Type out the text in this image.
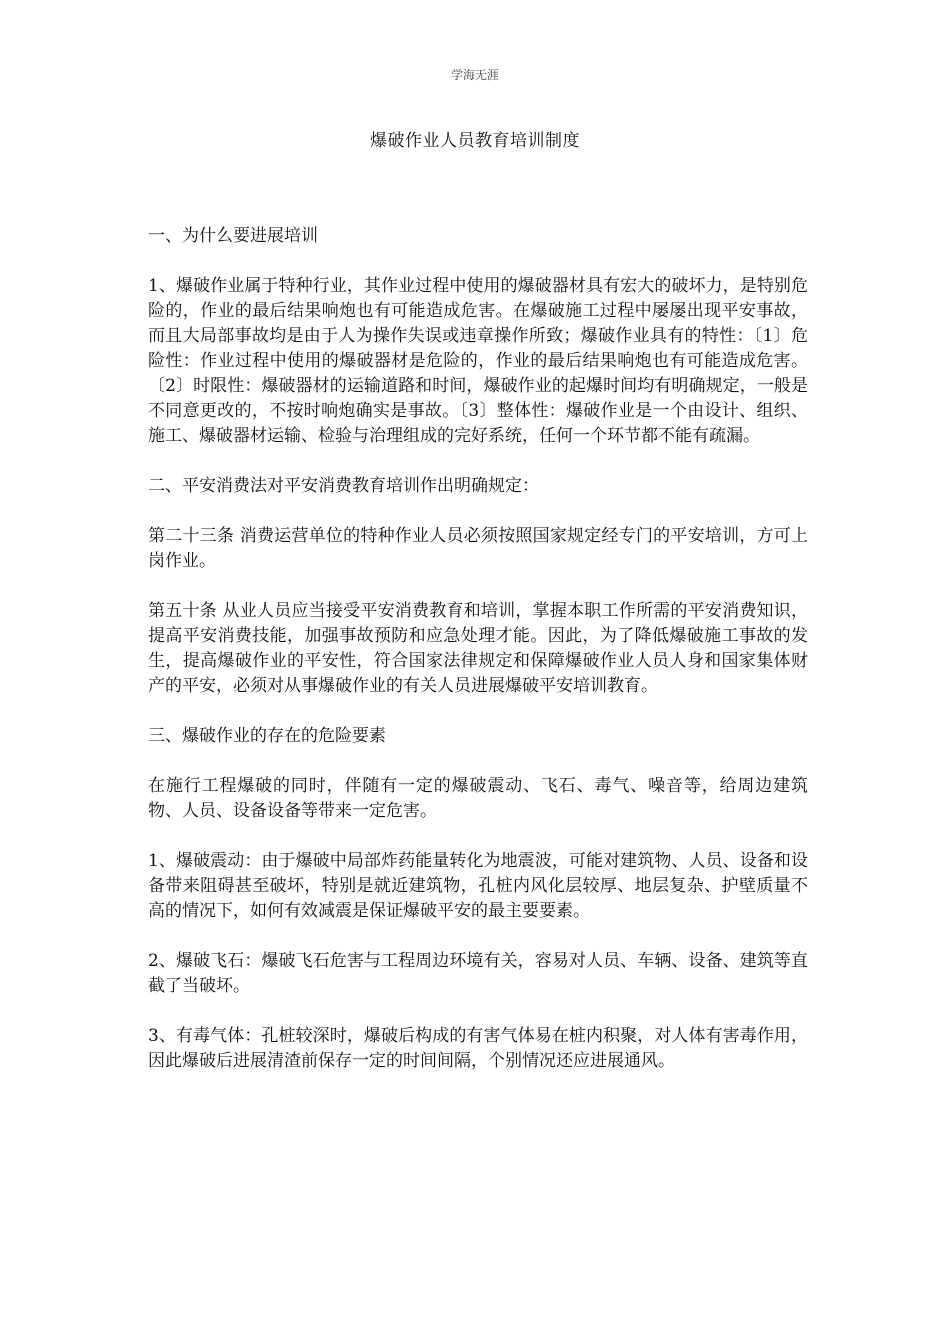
学海无涯
爆破作业人员教育培训制度

一、为什么要进展培训

1、爆破作业属于特种行业，其作业过程中使用的爆破器材具有宏大的破坏力，是特别危险的，作业的最后结果响炮也有可能造成危害。在爆破施工过程中屡屡出现平安事故，而且大局部事故均是由于人为操作失误或违章操作所致；爆破作业具有的特性：〔1〕危险性：作业过程中使用的爆破器材是危险的，作业的最后结果响炮也有可能造成危害。〔2〕时限性：爆破器材的运输道路和时间，爆破作业的起爆时间均有明确规定，一般是不同意更改的，不按时响炮确实是事故。〔3〕整体性：爆破作业是一个由设计、组织、施工、爆破器材运输、检验与治理组成的完好系统，任何一个环节都不能有疏漏。

二、平安消费法对平安消费教育培训作出明确规定：

第二十三条 消费运营单位的特种作业人员必须按照国家规定经专门的平安培训，方可上岗作业。

第五十条 从业人员应当接受平安消费教育和培训，掌握本职工作所需的平安消费知识，提高平安消费技能，加强事故预防和应急处理才能。因此，为了降低爆破施工事故的发生，提高爆破作业的平安性，符合国家法律规定和保障爆破作业人员人身和国家集体财产的平安，必须对从事爆破作业的有关人员进展爆破平安培训教育。

三、爆破作业的存在的危险要素

在施行工程爆破的同时，伴随有一定的爆破震动、飞石、毒气、噪音等，给周边建筑物、人员、设备设备等带来一定危害。

1、爆破震动：由于爆破中局部炸药能量转化为地震波，可能对建筑物、人员、设备和设备带来阻碍甚至破坏，特别是就近建筑物，孔桩内风化层较厚、地层复杂、护壁质量不高的情况下，如何有效减震是保证爆破平安的最主要要素。

2、爆破飞石：爆破飞石危害与工程周边环境有关，容易对人员、车辆、设备、建筑等直截了当破坏。

3、有毒气体：孔桩较深时，爆破后构成的有害气体易在桩内积聚，对人体有害毒作用，因此爆破后进展清渣前保存一定的时间间隔，个别情况还应进展通风。
